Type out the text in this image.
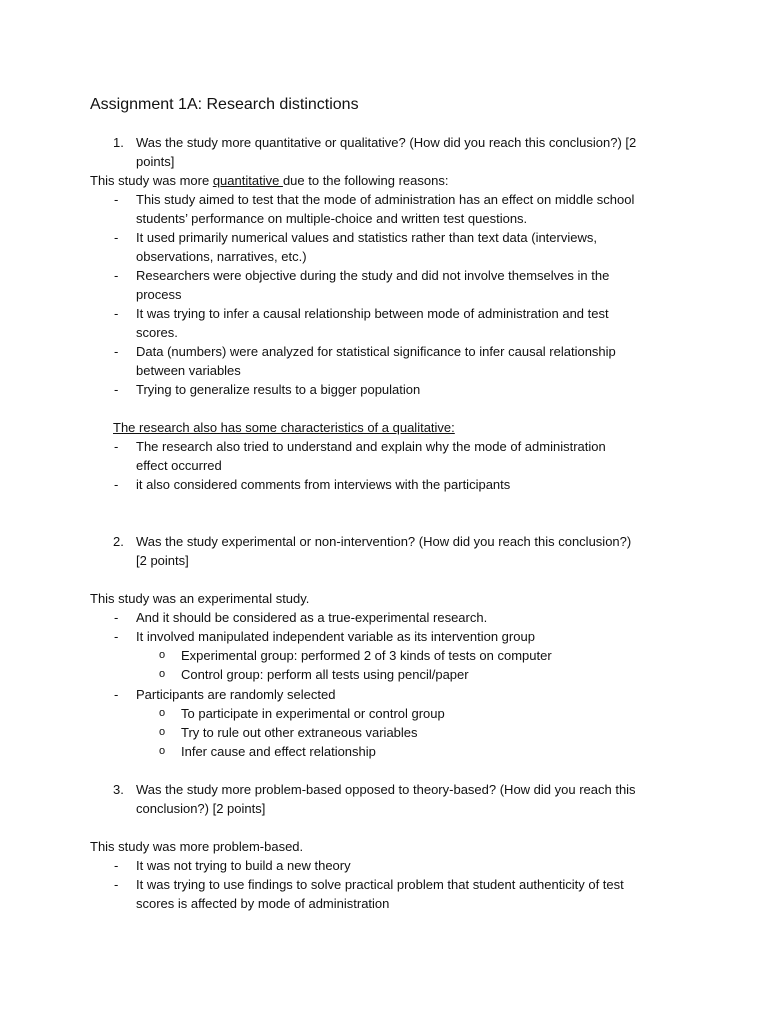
Assignment 1A: Research distinctions
1. Was the study more quantitative or qualitative? (How did you reach this conclusion?) [2
points]
This study was more quantitative due to the following reasons:
- This study aimed to test that the mode of administration has an effect on middle school
students’ performance on multiple-choice and written test questions.
- It used primarily numerical values and statistics rather than text data (interviews,
observations, narratives, etc.)
- Researchers were objective during the study and did not involve themselves in the
process
- It was trying to infer a causal relationship between mode of administration and test
scores.
- Data (numbers) were analyzed for statistical significance to infer causal relationship
between variables
- Trying to generalize results to a bigger population
The research also has some characteristics of a qualitative:
- The research also tried to understand and explain why the mode of administration
effect occurred
- it also considered comments from interviews with the participants
2. Was the study experimental or non-intervention? (How did you reach this conclusion?)
[2 points]
This study was an experimental study.
- And it should be considered as a true-experimental research.
- It involved manipulated independent variable as its intervention group
o Experimental group: performed 2 of 3 kinds of tests on computer
o Control group: perform all tests using pencil/paper
- Participants are randomly selected
o To participate in experimental or control group
o Try to rule out other extraneous variables
o Infer cause and effect relationship
3. Was the study more problem-based opposed to theory-based? (How did you reach this
conclusion?) [2 points]
This study was more problem-based.
- It was not trying to build a new theory
- It was trying to use findings to solve practical problem that student authenticity of test
scores is affected by mode of administration
